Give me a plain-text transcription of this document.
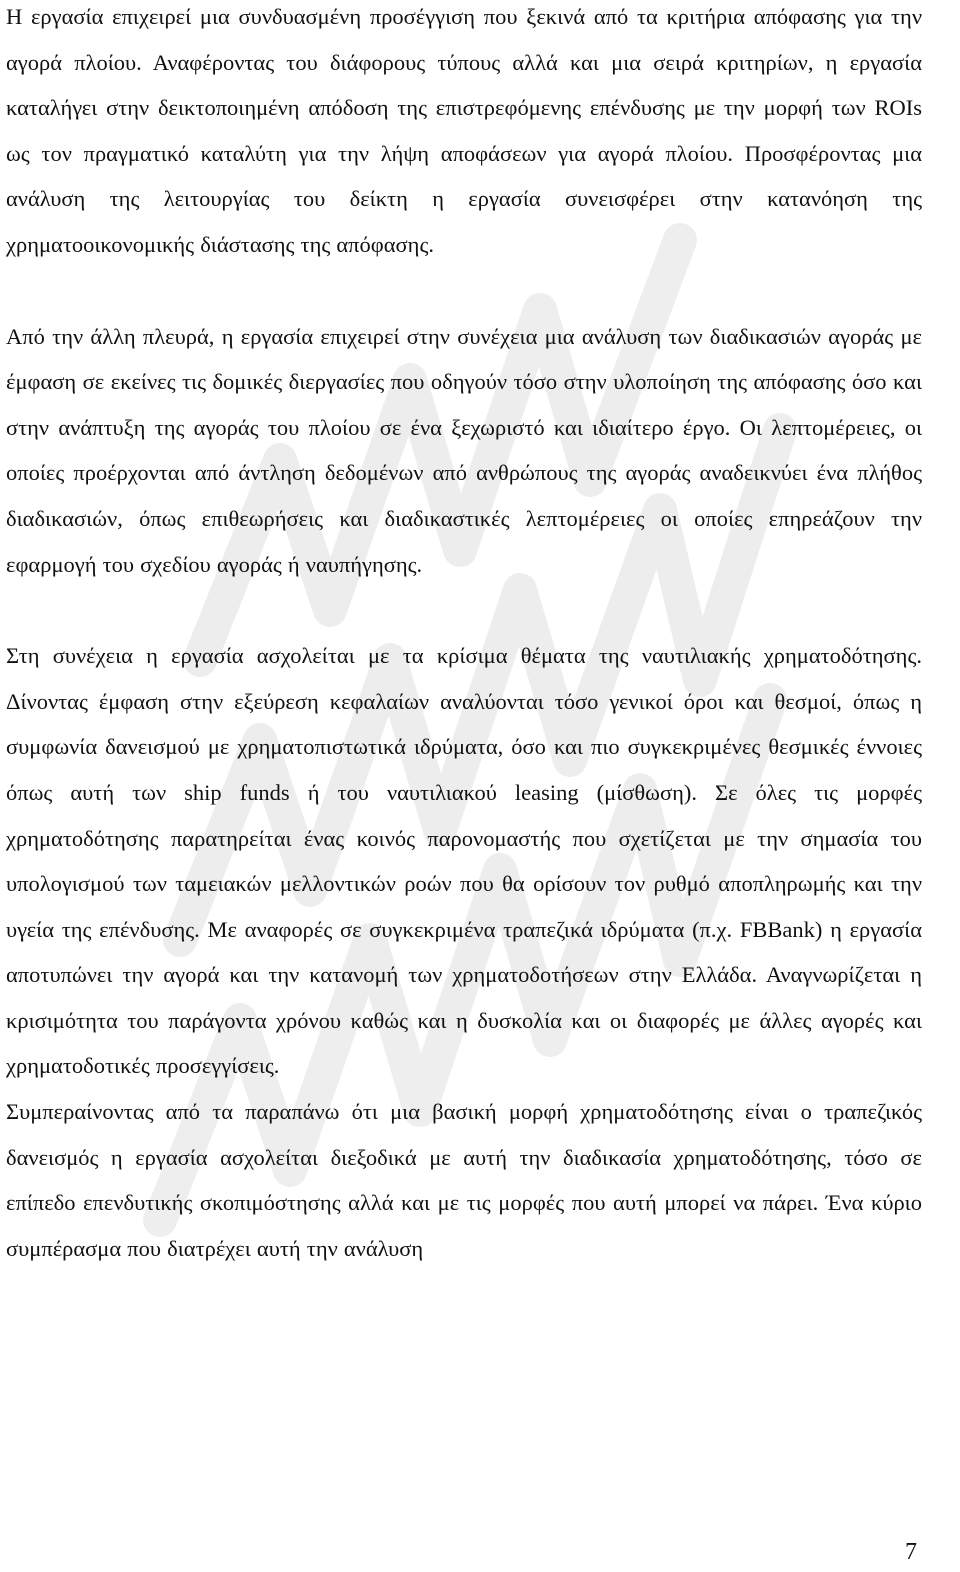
Η εργασία επιχειρεί μια συνδυασμένη προσέγγιση που ξεκινά από τα κριτήρια απόφασης για την αγορά πλοίου. Αναφέροντας του διάφορους τύπους αλλά και μια σειρά κριτηρίων, η εργασία καταλήγει στην δεικτοποιημένη απόδοση της επιστρεφόμενης επένδυσης με την μορφή των ROIs ως τον πραγματικό καταλύτη για την λήψη αποφάσεων για αγορά πλοίου. Προσφέροντας μια ανάλυση της λειτουργίας του δείκτη η εργασία συνεισφέρει στην κατανόηση της χρηματοοικονομικής διάστασης της απόφασης.

Από την άλλη πλευρά, η εργασία επιχειρεί στην συνέχεια μια ανάλυση των διαδικασιών αγοράς με έμφαση σε εκείνες τις δομικές διεργασίες που οδηγούν τόσο στην υλοποίηση της απόφασης όσο και στην ανάπτυξη της αγοράς του πλοίου σε ένα ξεχωριστό και ιδιαίτερο έργο. Οι λεπτομέρειες, οι οποίες προέρχονται από άντληση δεδομένων από ανθρώπους της αγοράς αναδεικνύει ένα πλήθος διαδικασιών, όπως επιθεωρήσεις και διαδικαστικές λεπτομέρειες οι οποίες επηρεάζουν την εφαρμογή του σχεδίου αγοράς ή ναυπήγησης.

Στη συνέχεια η εργασία ασχολείται με τα κρίσιμα θέματα της ναυτιλιακής χρηματοδότησης. Δίνοντας έμφαση στην εξεύρεση κεφαλαίων αναλύονται τόσο γενικοί όροι και θεσμοί, όπως η συμφωνία δανεισμού με χρηματοπιστωτικά ιδρύματα, όσο και πιο συγκεκριμένες θεσμικές έννοιες όπως αυτή των ship funds ή του ναυτιλιακού leasing (μίσθωση). Σε όλες τις μορφές χρηματοδότησης παρατηρείται ένας κοινός παρονομαστής που σχετίζεται με την σημασία του υπολογισμού των ταμειακών μελλοντικών ροών που θα ορίσουν τον ρυθμό αποπληρωμής και την υγεία της επένδυσης. Με αναφορές σε συγκεκριμένα τραπεζικά ιδρύματα (π.χ. FBBank) η εργασία αποτυπώνει την αγορά και την κατανομή των χρηματοδοτήσεων στην Ελλάδα. Αναγνωρίζεται η κρισιμότητα του παράγοντα χρόνου καθώς και η δυσκολία και οι διαφορές με άλλες αγορές και χρηματοδοτικές προσεγγίσεις.

Συμπεραίνοντας από τα παραπάνω ότι μια βασική μορφή χρηματοδότησης είναι ο τραπεζικός δανεισμός η εργασία ασχολείται διεξοδικά με αυτή την διαδικασία χρηματοδότησης, τόσο σε επίπεδο επενδυτικής σκοπιμόστησης αλλά και με τις μορφές που αυτή μπορεί να πάρει. Ένα κύριο συμπέρασμα που διατρέχει αυτή την ανάλυση

7
